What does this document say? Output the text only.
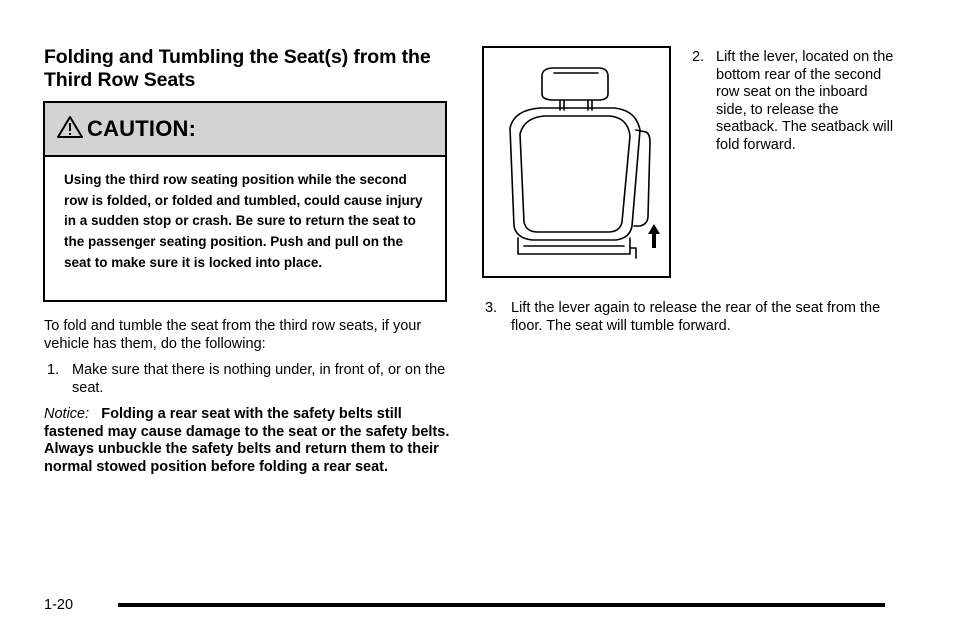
Folding and Tumbling the Seat(s) from the Third Row Seats
CAUTION:

Using the third row seating position while the second row is folded, or folded and tumbled, could cause injury in a sudden stop or crash. Be sure to return the seat to the passenger seating position. Push and pull on the seat to make sure it is locked into place.

To fold and tumble the seat from the third row seats, if your vehicle has them, do the following:

1. Make sure that there is nothing under, in front of, or on the seat.

Notice: Folding a rear seat with the safety belts still fastened may cause damage to the seat or the safety belts. Always unbuckle the safety belts and return them to their normal stowed position before folding a rear seat.

2. Lift the lever, located on the bottom rear of the second row seat on the inboard side, to release the seatback. The seatback will fold forward.

3. Lift the lever again to release the rear of the seat from the floor. The seat will tumble forward.

1-20
